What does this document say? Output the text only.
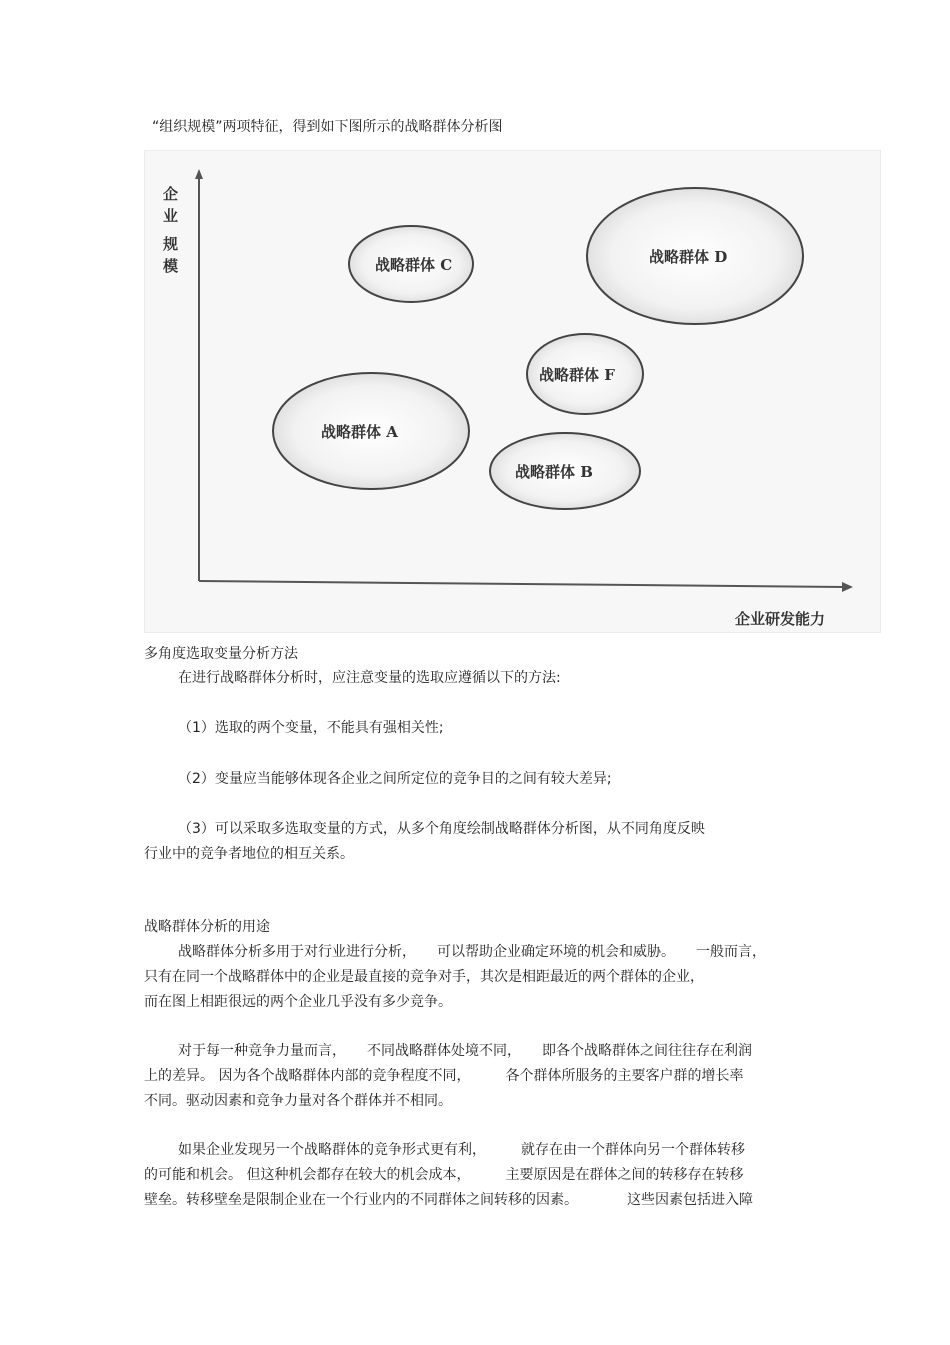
“组织规模”两项特征，得到如下图所示的战略群体分析图
企
业
规
模
企业研发能力
战略群体 C	战略群体 D
战略群体 F
战略群体 A
战略群体 B
多角度选取变量分析方法
在进行战略群体分析时，应注意变量的选取应遵循以下的方法:
（1）选取的两个变量，不能具有强相关性;
（2）变量应当能够体现各企业之间所定位的竞争目的之间有较大差异;
（3）可以采取多选取变量的方式，从多个角度绘制战略群体分析图，从不同角度反映
行业中的竞争者地位的相互关系。
战略群体分析的用途
战略群体分析多用于对行业进行分析，　　可以帮助企业确定环境的机会和威胁。　　一般而言，
只有在同一个战略群体中的企业是最直接的竞争对手，其次是相距最近的两个群体的企业，
而在图上相距很远的两个企业几乎没有多少竞争。
对于每一种竞争力量而言，　　不同战略群体处境不同，　　即各个战略群体之间往往存在利润
上的差异。 因为各个战略群体内部的竞争程度不同，　　　各个群体所服务的主要客户群的增长率
不同。驱动因素和竞争力量对各个群体并不相同。
如果企业发现另一个战略群体的竞争形式更有利，　　　就存在由一个群体向另一个群体转移
的可能和机会。 但这种机会都存在较大的机会成本，　　　主要原因是在群体之间的转移存在转移
壁垒。转移壁垒是限制企业在一个行业内的不同群体之间转移的因素。　　　　这些因素包括进入障
